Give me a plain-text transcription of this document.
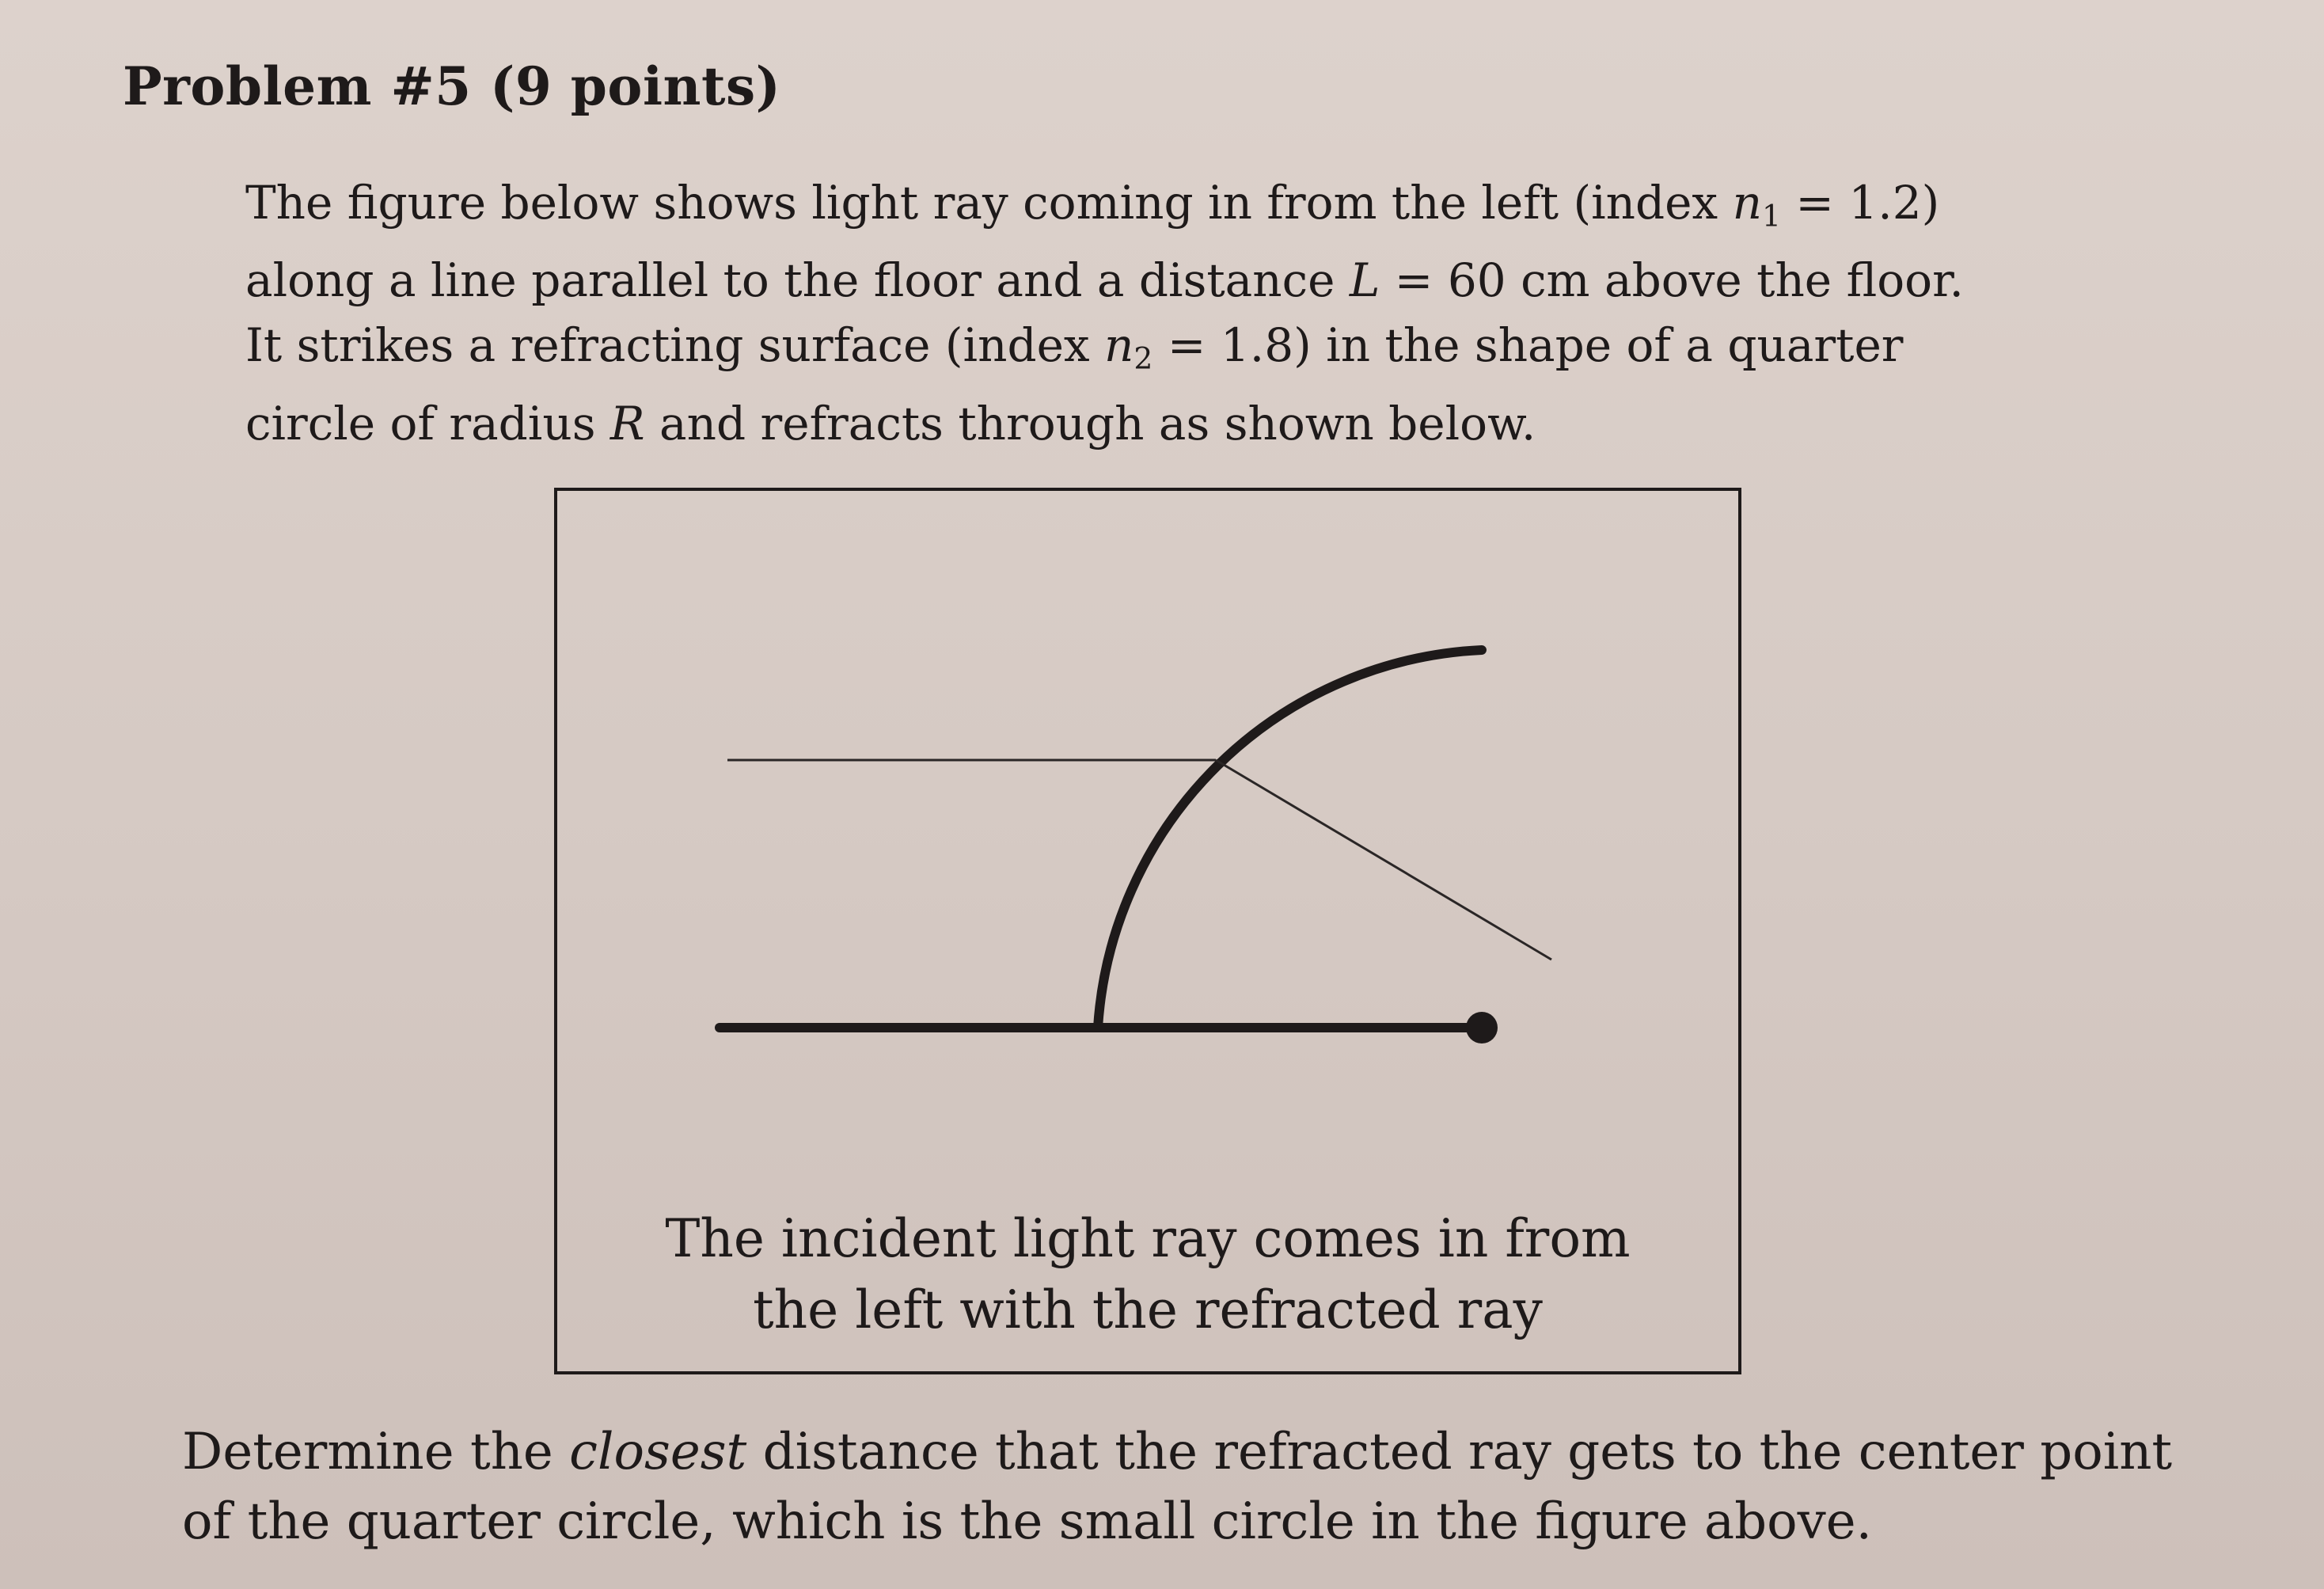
Problem #5 (9 points)
The figure below shows light ray coming in from the left (index $n_1 = 1.2$)
along a line parallel to the floor and a distance L = 60 cm above the floor.
It strikes a refracting surface (index $n_2 = 1.8$) in the shape of a quarter
circle of radius R and refracts through as shown below.
The incident light ray comes in from
the left with the refracted ray
Determine the closest distance that the refracted ray gets to the center point
of the quarter circle, which is the small circle in the figure above.
